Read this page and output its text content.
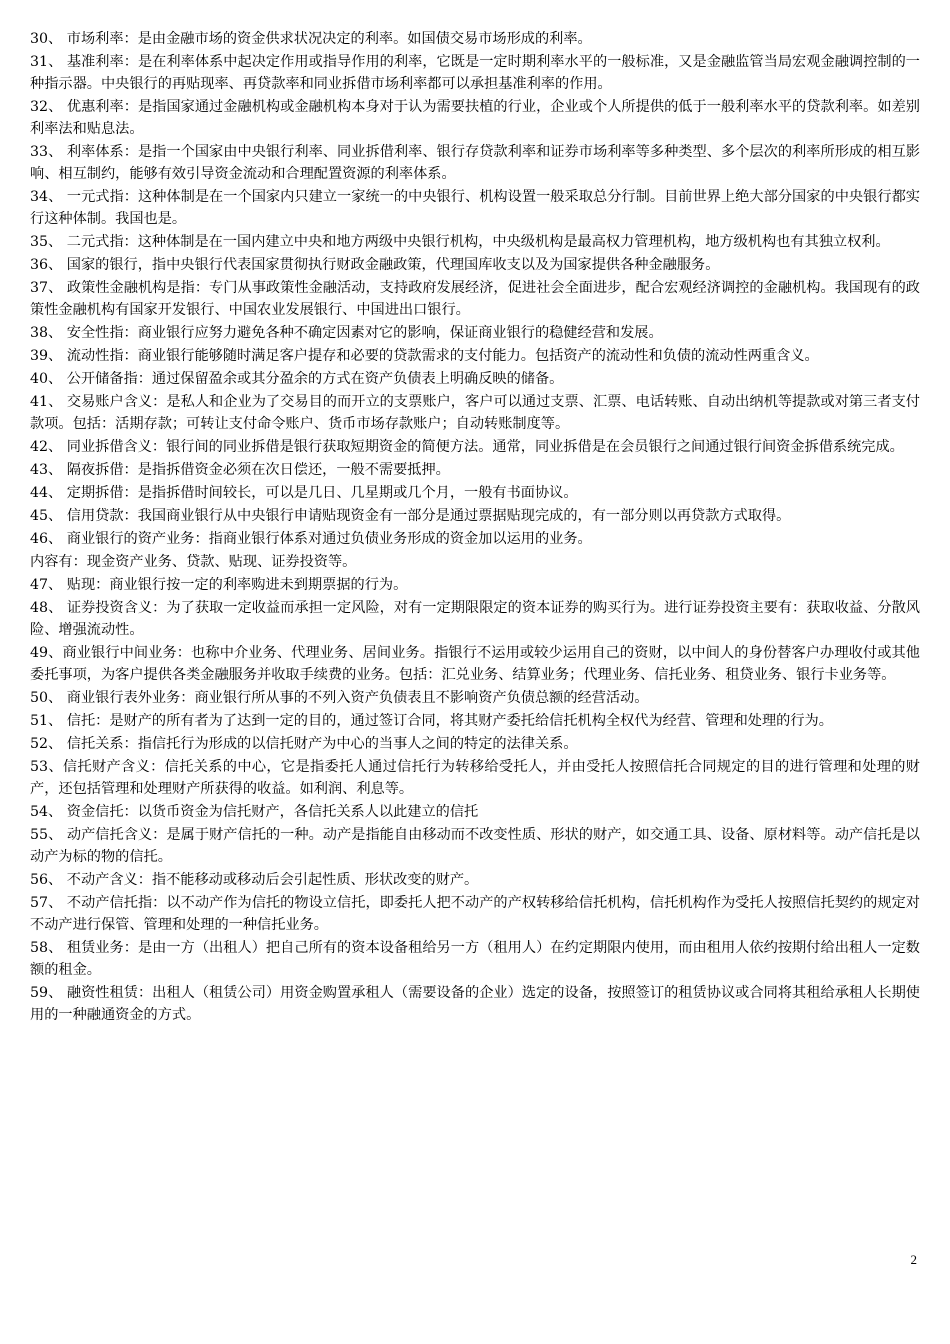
30、 市场利率：是由金融市场的资金供求状况决定的利率。如国债交易市场形成的利率。

31、 基准利率：是在利率体系中起决定作用或指导作用的利率，它既是一定时期利率水平的一般标准，又是金融监管当局宏观金融调控制的一种指示器。中央银行的再贴现率、再贷款率和同业拆借市场利率都可以承担基准利率的作用。

32、 优惠利率：是指国家通过金融机构或金融机构本身对于认为需要扶植的行业，企业或个人所提供的低于一般利率水平的贷款利率。如差别利率法和贴息法。

33、 利率体系：是指一个国家由中央银行利率、同业拆借利率、银行存贷款利率和证券市场利率等多种类型、多个层次的利率所形成的相互影响、相互制约，能够有效引导资金流动和合理配置资源的利率体系。

34、 一元式指：这种体制是在一个国家内只建立一家统一的中央银行、机构设置一般采取总分行制。目前世界上绝大部分国家的中央银行都实行这种体制。我国也是。

35、 二元式指：这种体制是在一国内建立中央和地方两级中央银行机构，中央级机构是最高权力管理机构，地方级机构也有其独立权利。

36、 国家的银行，指中央银行代表国家贯彻执行财政金融政策，代理国库收支以及为国家提供各种金融服务。

37、 政策性金融机构是指：专门从事政策性金融活动，支持政府发展经济，促进社会全面进步，配合宏观经济调控的金融机构。我国现有的政策性金融机构有国家开发银行、中国农业发展银行、中国进出口银行。

38、 安全性指：商业银行应努力避免各种不确定因素对它的影响，保证商业银行的稳健经营和发展。

39、 流动性指：商业银行能够随时满足客户提存和必要的贷款需求的支付能力。包括资产的流动性和负债的流动性两重含义。

40、 公开储备指：通过保留盈余或其分盈余的方式在资产负债表上明确反映的储备。

41、 交易账户含义：是私人和企业为了交易目的而开立的支票账户，客户可以通过支票、汇票、电话转账、自动出纳机等提款或对第三者支付款项。包括：活期存款；可转让支付命令账户、货币市场存款账户；自动转账制度等。

42、 同业拆借含义：银行间的同业拆借是银行获取短期资金的简便方法。通常，同业拆借是在会员银行之间通过银行间资金拆借系统完成。

43、 隔夜拆借：是指拆借资金必须在次日偿还，一般不需要抵押。

44、 定期拆借：是指拆借时间较长，可以是几日、几星期或几个月，一般有书面协议。

45、 信用贷款：我国商业银行从中央银行申请贴现资金有一部分是通过票据贴现完成的，有一部分则以再贷款方式取得。

46、 商业银行的资产业务：指商业银行体系对通过负债业务形成的资金加以运用的业务。

内容有：现金资产业务、贷款、贴现、证券投资等。

47、 贴现：商业银行按一定的利率购进未到期票据的行为。

48、 证券投资含义：为了获取一定收益而承担一定风险，对有一定期限限定的资本证券的购买行为。进行证券投资主要有：获取收益、分散风险、增强流动性。

49、商业银行中间业务：也称中介业务、代理业务、居间业务。指银行不运用或较少运用自己的资财，以中间人的身份替客户办理收付或其他委托事项，为客户提供各类金融服务并收取手续费的业务。包括：汇兑业务、结算业务；代理业务、信托业务、租贷业务、银行卡业务等。

50、 商业银行表外业务：商业银行所从事的不列入资产负债表且不影响资产负债总额的经营活动。

51、 信托：是财产的所有者为了达到一定的目的，通过签订合同，将其财产委托给信托机构全权代为经营、管理和处理的行为。

52、 信托关系：指信托行为形成的以信托财产为中心的当事人之间的特定的法律关系。

53、信托财产含义：信托关系的中心，它是指委托人通过信托行为转移给受托人，并由受托人按照信托合同规定的目的进行管理和处理的财产，还包括管理和处理财产所获得的收益。如利润、利息等。

54、 资金信托：以货币资金为信托财产，各信托关系人以此建立的信托

55、 动产信托含义：是属于财产信托的一种。动产是指能自由移动而不改变性质、形状的财产，如交通工具、设备、原材料等。动产信托是以动产为标的物的信托。

56、 不动产含义：指不能移动或移动后会引起性质、形状改变的财产。

57、 不动产信托指：以不动产作为信托的物设立信托，即委托人把不动产的产权转移给信托机构，信托机构作为受托人按照信托契约的规定对不动产进行保管、管理和处理的一种信托业务。

58、 租赁业务：是由一方（出租人）把自己所有的资本设备租给另一方（租用人）在约定期限内使用，而由租用人依约按期付给出租人一定数额的租金。

59、 融资性租赁：出租人（租赁公司）用资金购置承租人（需要设备的企业）选定的设备，按照签订的租赁协议或合同将其租给承租人长期使用的一种融通资金的方式。

2
